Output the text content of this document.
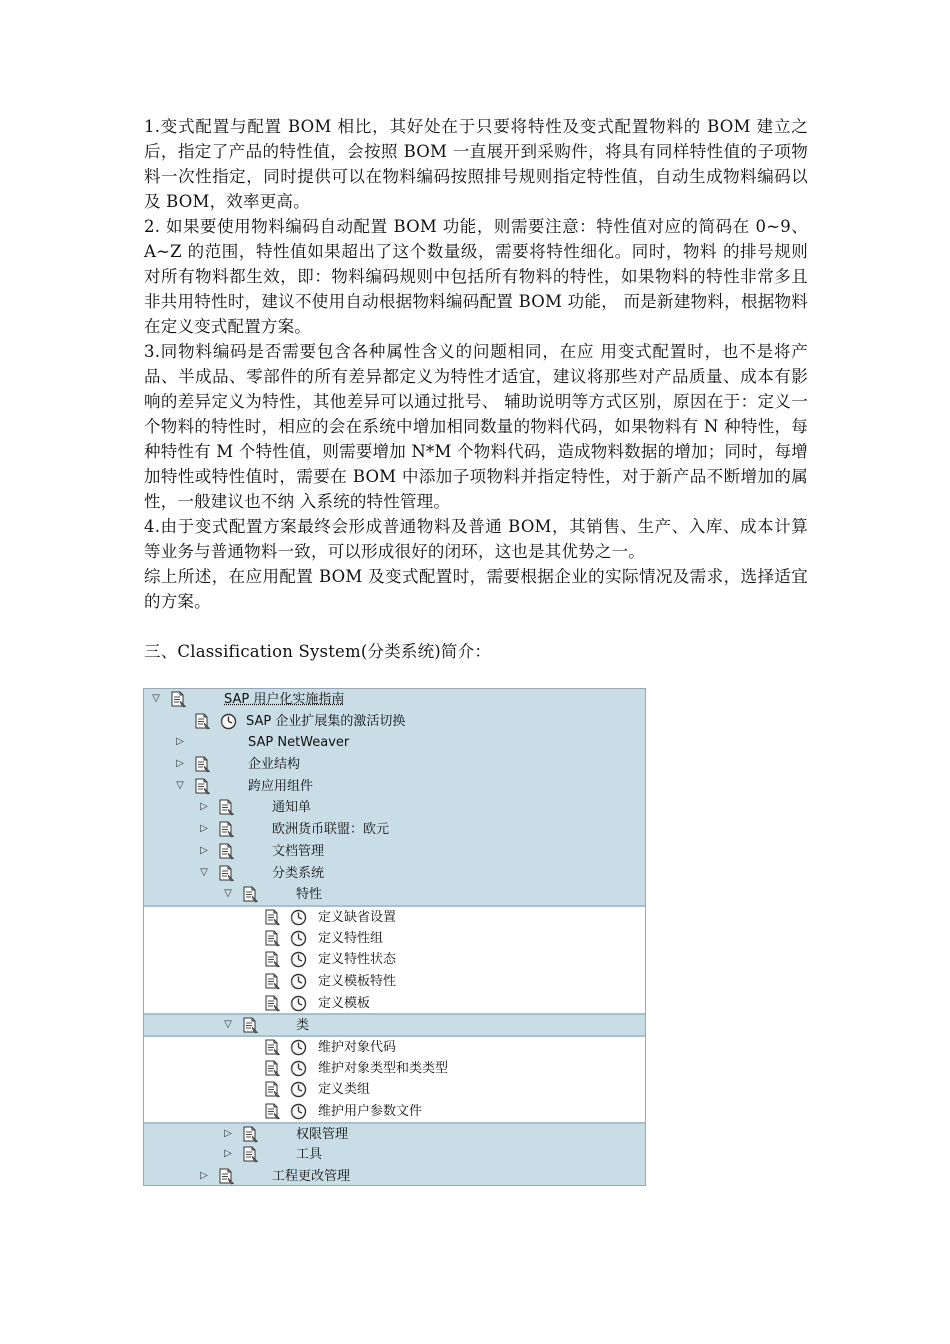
1.变式配置与配置 BOM 相比，其好处在于只要将特性及变式配置物料的 BOM 建立之后，指定了产品的特性值，会按照 BOM 一直展开到采购件，将具有同样特性值的子项物料一次性指定，同时提供可以在物料编码按照排号规则指定特性值，自动生成物料编码以及 BOM，效率更高。

2. 如果要使用物料编码自动配置 BOM 功能，则需要注意：特性值对应的简码在 0~9、A~Z 的范围，特性值如果超出了这个数量级，需要将特性细化。同时，物料 的排号规则对所有物料都生效，即：物料编码规则中包括所有物料的特性，如果物料的特性非常多且非共用特性时，建议不使用自动根据物料编码配置 BOM 功能， 而是新建物料，根据物料在定义变式配置方案。

3.同物料编码是否需要包含各种属性含义的问题相同，在应 用变式配置时，也不是将产品、半成品、零部件的所有差异都定义为特性才适宜，建议将那些对产品质量、成本有影响的差异定义为特性，其他差异可以通过批号、 辅助说明等方式区别，原因在于：定义一个物料的特性时，相应的会在系统中增加相同数量的物料代码，如果物料有 N 种特性，每种特性有 M 个特性值，则需要增加 N*M 个物料代码，造成物料数据的增加；同时，每增加特性或特性值时，需要在 BOM 中添加子项物料并指定特性，对于新产品不断增加的属性，一般建议也不纳 入系统的特性管理。

4.由于变式配置方案最终会形成普通物料及普通 BOM，其销售、生产、入库、成本计算等业务与普通物料一致，可以形成很好的闭环，这也是其优势之一。

综上所述，在应用配置 BOM 及变式配置时，需要根据企业的实际情况及需求，选择适宜的方案。

三、Classification System(分类系统)简介：

▽	SAP 用户化实施指南
SAP 企业扩展集的激活切换
▷	SAP NetWeaver
▷	企业结构
▽	跨应用组件
▷	通知单
▷	欧洲货币联盟：欧元
▷	文档管理
▽	分类系统
▽	特性
定义缺省设置
定义特性组
定义特性状态
定义模板特性
定义模板
▽	类
维护对象代码
维护对象类型和类类型
定义类组
维护用户参数文件
▷	权限管理
▷	工具
▷	工程更改管理
